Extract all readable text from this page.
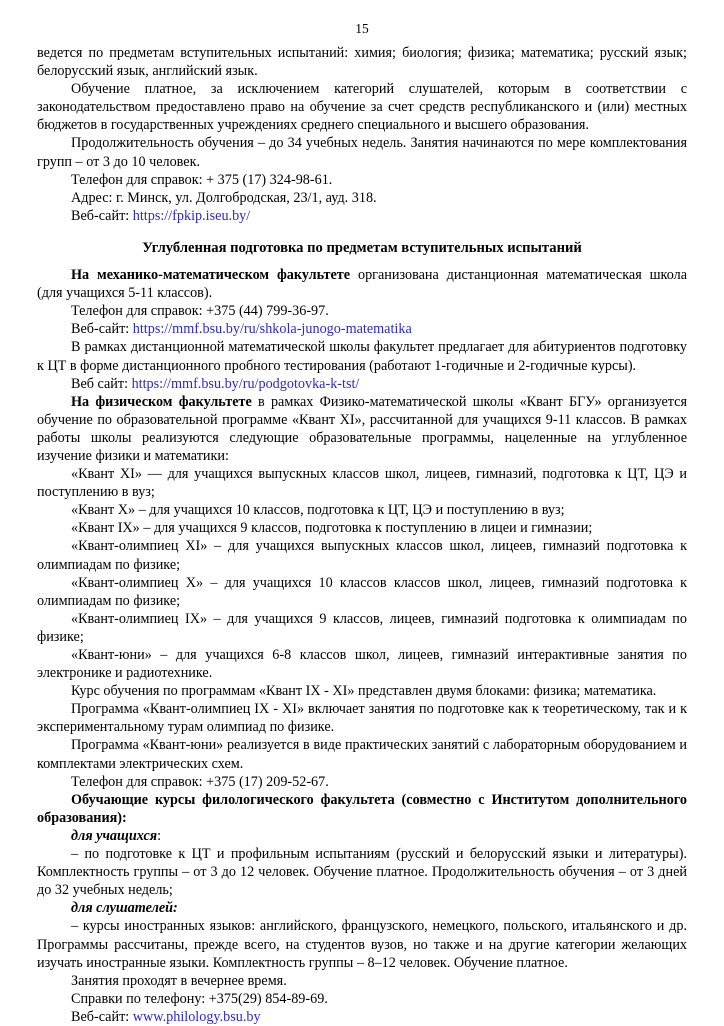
15

ведется по предметам вступительных испытаний: химия; биология; физика; математика; русский язык; белорусский язык, английский язык.

Обучение платное, за исключением категорий слушателей, которым в соответствии с законодательством предоставлено право на обучение за счет средств республиканского и (или) местных бюджетов в государственных учреждениях среднего специального и высшего образования.

Продолжительность обучения – до 34 учебных недель. Занятия начинаются по мере комплектования групп – от 3 до 10 человек.

Телефон для справок: + 375 (17) 324-98-61.

Адрес: г. Минск, ул. Долгобродская, 23/1, ауд. 318.

Веб-сайт: https://fpkip.iseu.by/

Углубленная подготовка по предметам вступительных испытаний

На механико-математическом факультете организована дистанционная математическая школа (для учащихся 5-11 классов).

Телефон для справок: +375 (44) 799-36-97.

Веб-сайт: https://mmf.bsu.by/ru/shkola-junogo-matematika

В рамках дистанционной математической школы факультет предлагает для абитуриентов подготовку к ЦТ в форме дистанционного пробного тестирования (работают 1-годичные и 2-годичные курсы).

Веб сайт: https://mmf.bsu.by/ru/podgotovka-k-tst/

На физическом факультете в рамках Физико-математической школы «Квант БГУ» организуется обучение по образовательной программе «Квант XI», рассчитанной для учащихся 9-11 классов. В рамках работы школы реализуются следующие образовательные программы, нацеленные на углубленное изучение физики и математики:

«Квант XI» — для учащихся выпускных классов школ, лицеев, гимназий, подготовка к ЦТ, ЦЭ и поступлению в вуз;

«Квант X» – для учащихся 10 классов, подготовка к ЦТ, ЦЭ и поступлению в вуз;

«Квант IX» – для учащихся 9 классов, подготовка к поступлению в лицеи и гимназии;

«Квант-олимпиец XI» – для учащихся выпускных классов школ, лицеев, гимназий подготовка к олимпиадам по физике;

«Квант-олимпиец X» – для учащихся 10 классов классов школ, лицеев, гимназий подготовка к олимпиадам по физике;

«Квант-олимпиец IX» – для учащихся 9 классов, лицеев, гимназий подготовка к олимпиадам по физике;

«Квант-юни» – для учащихся 6-8 классов школ, лицеев, гимназий интерактивные занятия по электронике и радиотехнике.

Курс обучения по программам «Квант IX - XI» представлен двумя блоками: физика; математика.

Программа «Квант-олимпиец IX - XI» включает занятия по подготовке как к теоретическому, так и к экспериментальному турам олимпиад по физике.

Программа «Квант-юни» реализуется в виде практических занятий с лабораторным оборудованием и комплектами электрических схем.

Телефон для справок: +375 (17) 209-52-67.

Обучающие курсы филологического факультета (совместно с Институтом дополнительного образования):

для учащихся:

– по подготовке к ЦТ и профильным испытаниям (русский и белорусский языки и литературы). Комплектность группы – от 3 до 12 человек. Обучение платное. Продолжительность обучения – от 3 дней до 32 учебных недель;

для слушателей:

– курсы иностранных языков: английского, французского, немецкого, польского, итальянского и др. Программы рассчитаны, прежде всего, на студентов вузов, но также и на другие категории желающих изучать иностранные языки. Комплектность группы – 8–12 человек. Обучение платное.

Занятия проходят в вечернее время.

Справки по телефону: +375(29) 854-89-69.

Веб-сайт: www.philology.bsu.by
